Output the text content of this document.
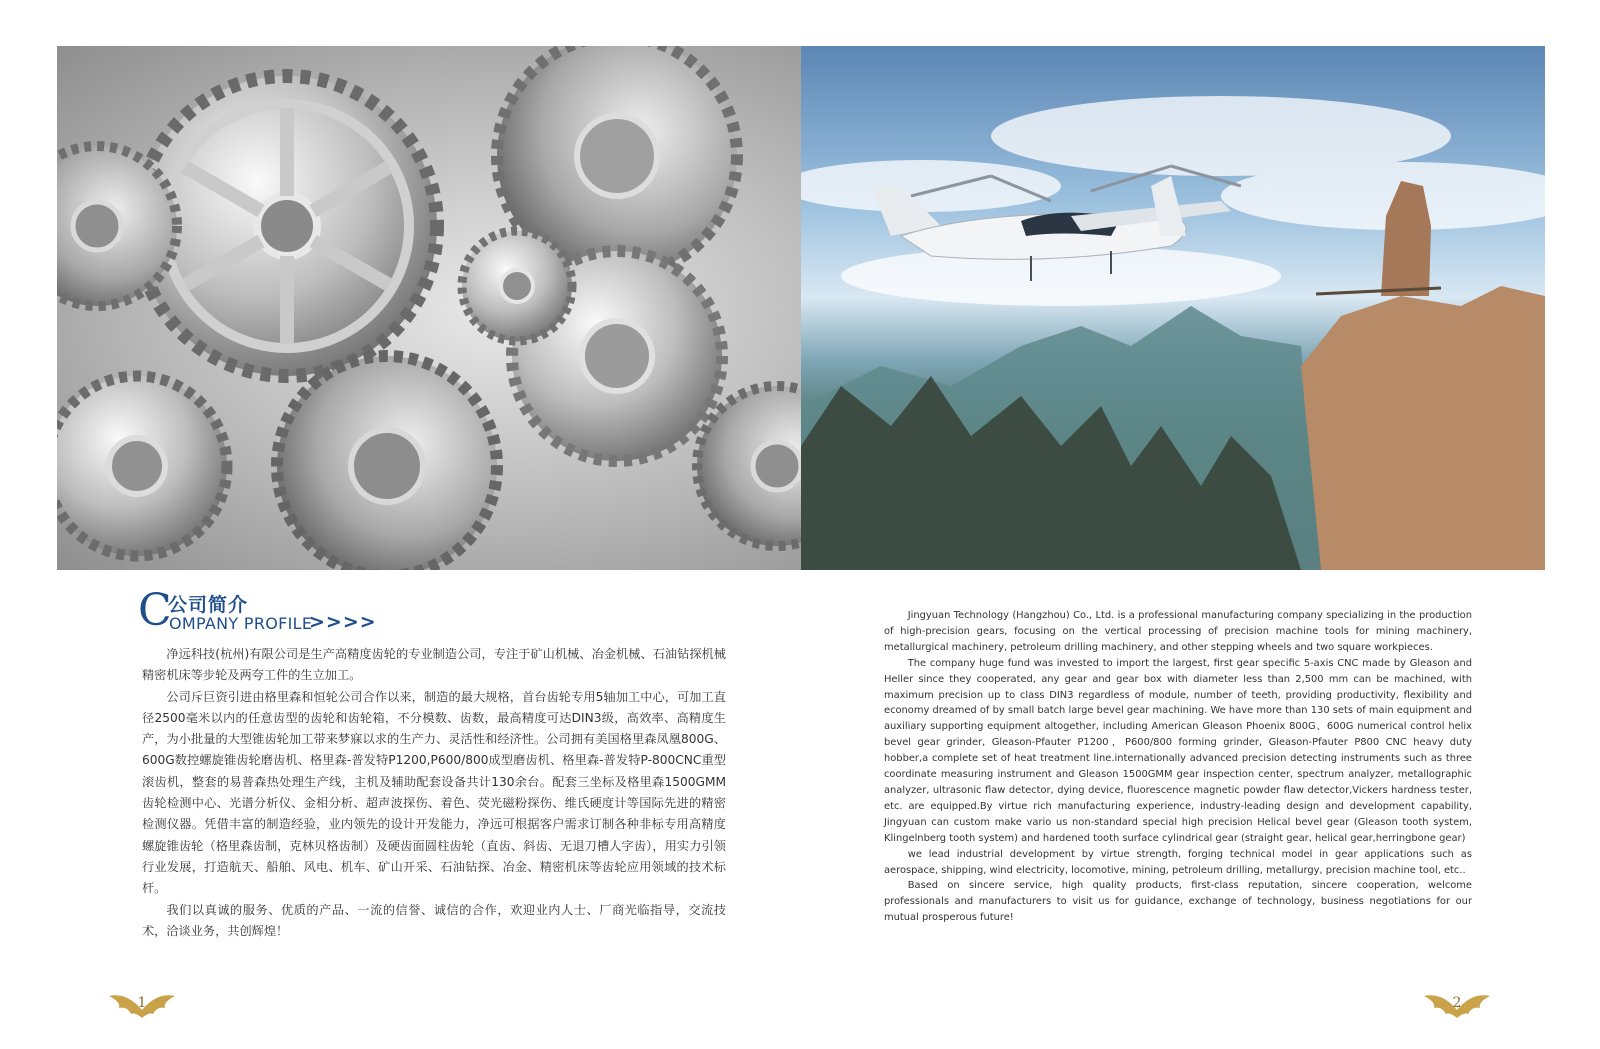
C
公司简介
OMPANY PROFILE
>>>>

净远科技(杭州)有限公司是生产高精度齿轮的专业制造公司，专注于矿山机械、冶金机械、石油钻探机械 精密机床等步轮及两夸工件的生立加工。

公司斥巨资引进由格里森和恒轮公司合作以来，制造的最大规格，首台齿轮专用5轴加工中心，可加工直径2500毫米以内的任意齿型的齿轮和齿轮箱，不分模数、齿数，最高精度可达DIN3级，高效率、高精度生产，为小批量的大型锥齿轮加工带来梦寐以求的生产力、灵活性和经济性。公司拥有美国格里森凤凰800G、600G数控螺旋锥齿轮磨齿机、格里森-普发特P1200,P600/800成型磨齿机、格里森-普发特P-800CNC重型滚齿机，整套的易普森热处理生产线，主机及辅助配套设备共计130余台。配套三坐标及格里森1500GMM齿轮检测中心、光谱分析仪、金相分析、超声波探伤、着色、荧光磁粉探伤、维氏硬度计等国际先进的精密检测仪器。凭借丰富的制造经验，业内领先的设计开发能力，净远可根据客户需求订制各种非标专用高精度螺旋锥齿轮（格里森齿制，克林贝格齿制）及硬齿面圆柱齿轮（直齿、斜齿、无退刀槽人字齿），用实力引领行业发展，打造航天、船舶、风电、机车、矿山开采、石油钻探、冶金、精密机床等齿轮应用领域的技术标杆。

我们以真诚的服务、优质的产品、一流的信誉、诚信的合作，欢迎业内人士、厂商光临指导，交流技术，洽谈业务，共创辉煌！

Jingyuan Technology (Hangzhou) Co., Ltd. is a professional manufacturing company specializing in the production of high-precision gears, focusing on the vertical processing of precision machine tools for mining machinery, metallurgical machinery, petroleum drilling machinery, and other stepping wheels and two square workpieces.

The company huge fund was invested to import the largest, first gear specific 5-axis CNC made by Gleason and Heller since they cooperated, any gear and gear box with diameter less than 2,500 mm can be machined, with maximum precision up to class DIN3 regardless of module, number of teeth, providing productivity, flexibility and economy dreamed of by small batch large bevel gear machining. We have more than 130 sets of main equipment and auxiliary supporting equipment altogether, including American Gleason Phoenix 800G、600G numerical control helix bevel gear grinder, Gleason-Pfauter P1200，P600/800 forming grinder, Gleason-Pfauter P800 CNC heavy duty hobber,a complete set of heat treatment line.internationally advanced precision detecting instruments such as three coordinate measuring instrument and Gleason 1500GMM gear inspection center, spectrum analyzer, metallographic analyzer, ultrasonic flaw detector, dying device, fluorescence magnetic powder flaw detector,Vickers hardness tester, etc. are equipped.By virtue rich manufacturing experience, industry-leading design and development capability, Jingyuan can custom make vario us non-standard special high precision Helical bevel gear (Gleason tooth system, Klingelnberg tooth system) and hardened tooth surface cylindrical gear (straight gear, helical gear,herringbone gear)

we lead industrial development by virtue strength, forging technical model in gear applications such as aerospace, shipping, wind electricity, locomotive, mining, petroleum drilling, metallurgy, precision machine tool, etc..

Based on sincere service, high quality products, first-class reputation, sincere cooperation, welcome professionals and manufacturers to visit us for guidance, exchange of technology, business negotiations for our mutual prosperous future!

1	2
